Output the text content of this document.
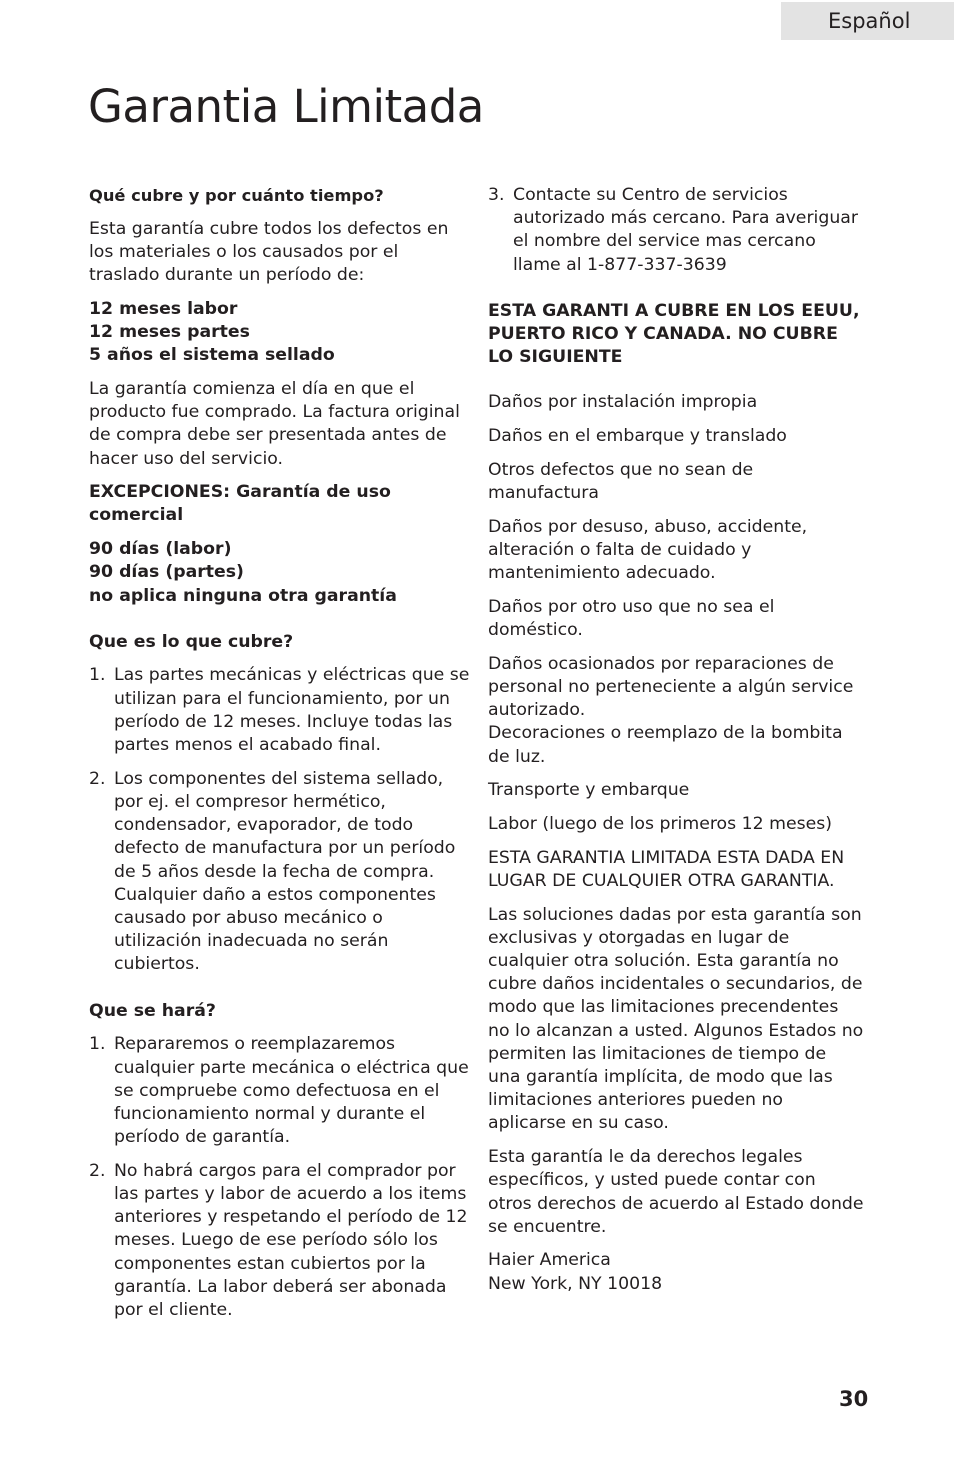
Español
Garantia Limitada

Qué cubre y por cuánto tiempo?

Esta garantía cubre todos los defectos en los materiales o los causados por el traslado durante un período de:

12 meses labor
12 meses partes
5 años el sistema sellado

La garantía comienza el día en que el producto fue comprado. La factura original de compra debe ser presentada antes de hacer uso del servicio.

EXCEPCIONES: Garantía de uso comercial

90 días (labor)
90 días (partes)
no aplica ninguna otra garantía

Que es lo que cubre?

1. Las partes mecánicas y eléctricas que se utilizan para el funcionamiento, por un período de 12 meses. Incluye todas las partes menos el acabado final.
2. Los componentes del sistema sellado, por ej. el compresor hermético, condensador, evaporador, de todo defecto de manufactura por un período de 5 años desde la fecha de compra. Cualquier daño a estos componentes causado por abuso mecánico o utilización inadecuada no serán cubiertos.

Que se hará?

1. Repararemos o reemplazaremos cualquier parte mecánica o eléctrica que se compruebe como defectuosa en el funcionamiento normal y durante el período de garantía.
2. No habrá cargos para el comprador por las partes y labor de acuerdo a los items anteriores y respetando el período de 12 meses. Luego de ese período sólo los componentes estan cubiertos por la garantía. La labor deberá ser abonada por el cliente.
3. Contacte su Centro de servicios autorizado más cercano. Para averiguar el nombre del service mas cercano llame al 1-877-337-3639

ESTA GARANTI A CUBRE EN LOS EEUU, PUERTO RICO Y CANADA. NO CUBRE LO SIGUIENTE

Daños por instalación impropia

Daños en el embarque y translado

Otros defectos que no sean de manufactura

Daños por desuso, abuso, accidente, alteración o falta de cuidado y mantenimiento adecuado.

Daños por otro uso que no sea el doméstico.

Daños ocasionados por reparaciones de personal no perteneciente a algún service autorizado.
Decoraciones o reemplazo de la bombita de luz.

Transporte y embarque

Labor (luego de los primeros 12 meses)

ESTA GARANTIA LIMITADA ESTA DADA EN LUGAR DE CUALQUIER OTRA GARANTIA.

Las soluciones dadas por esta garantía son exclusivas y otorgadas en lugar de cualquier otra solución. Esta garantía no cubre daños incidentales o secundarios, de modo que las limitaciones precendentes no lo alcanzan a usted. Algunos Estados no permiten las limitaciones de tiempo de una garantía implícita, de modo que las limitaciones anteriores pueden no aplicarse en su caso.

Esta garantía le da derechos legales específicos, y usted puede contar con otros derechos de acuerdo al Estado donde se encuentre.

Haier America
New York, NY 10018

30
